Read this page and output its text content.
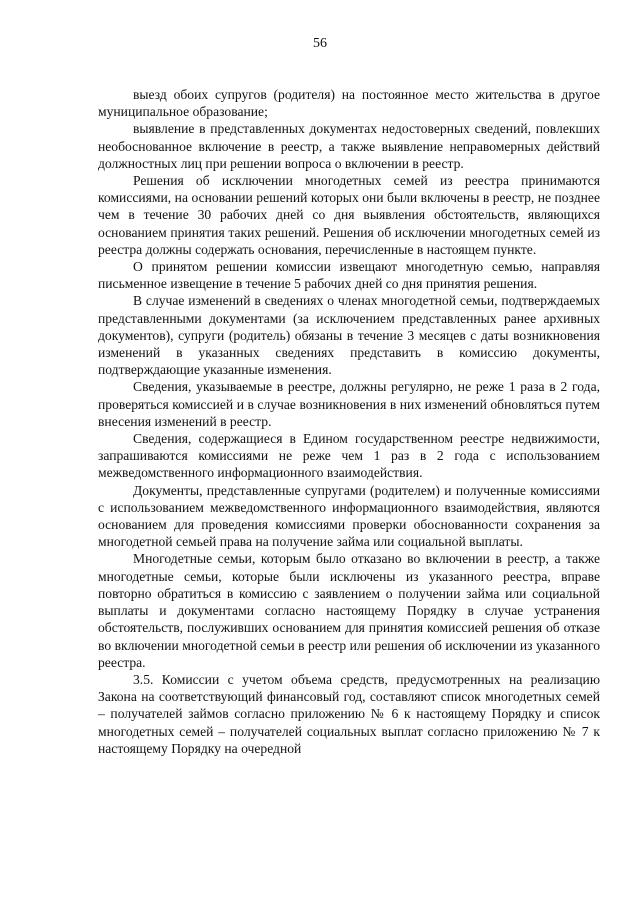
56

выезд обоих супругов (родителя) на постоянное место жительства в другое муниципальное образование;

выявление в представленных документах недостоверных сведений, повлекших необоснованное включение в реестр, а также выявление неправомерных действий должностных лиц при решении вопроса о включении в реестр.

Решения об исключении многодетных семей из реестра принимаются комиссиями, на основании решений которых они были включены в реестр, не позднее чем в течение 30 рабочих дней со дня выявления обстоятельств, являющихся основанием принятия таких решений. Решения об исключении многодетных семей из реестра должны содержать основания, перечисленные в настоящем пункте.

О принятом решении комиссии извещают многодетную семью, направляя письменное извещение в течение 5 рабочих дней со дня принятия решения.

В случае изменений в сведениях о членах многодетной семьи, подтверждаемых представленными документами (за исключением представленных ранее архивных документов), супруги (родитель) обязаны в течение 3 месяцев с даты возникновения изменений в указанных сведениях представить в комиссию документы, подтверждающие указанные изменения.

Сведения, указываемые в реестре, должны регулярно, не реже 1 раза в 2 года, проверяться комиссией и в случае возникновения в них изменений обновляться путем внесения изменений в реестр.

Сведения, содержащиеся в Едином государственном реестре недвижимости, запрашиваются комиссиями не реже чем 1 раз в 2 года с использованием межведомственного информационного взаимодействия.

Документы, представленные супругами (родителем) и полученные комиссиями с использованием межведомственного информационного взаимодействия, являются основанием для проведения комиссиями проверки обоснованности сохранения за многодетной семьей права на получение займа или социальной выплаты.

Многодетные семьи, которым было отказано во включении в реестр, а также многодетные семьи, которые были исключены из указанного реестра, вправе повторно обратиться в комиссию с заявлением о получении займа или социальной выплаты и документами согласно настоящему Порядку в случае устранения обстоятельств, послуживших основанием для принятия комиссией решения об отказе во включении многодетной семьи в реестр или решения об исключении из указанного реестра.

3.5. Комиссии с учетом объема средств, предусмотренных на реализацию Закона на соответствующий финансовый год, составляют список многодетных семей – получателей займов согласно приложению № 6 к настоящему Порядку и список многодетных семей – получателей социальных выплат согласно приложению № 7 к настоящему Порядку на очередной
